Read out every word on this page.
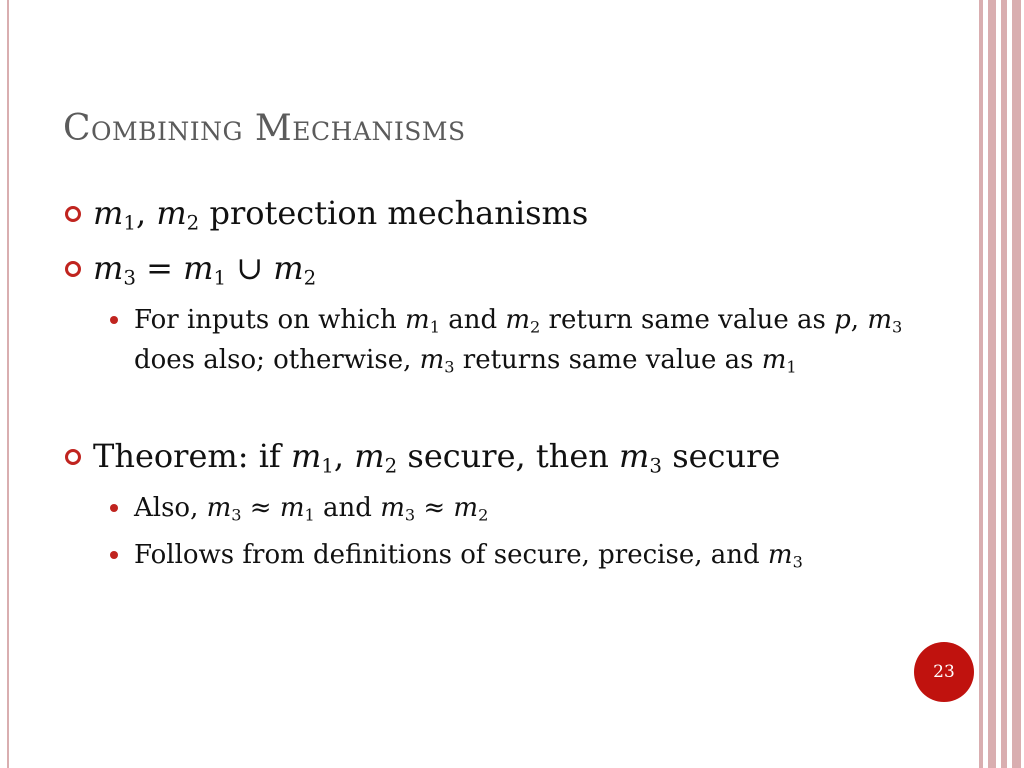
Combining Mechanisms
$m_1$, $m_2$ protection mechanisms
$m_3 = m_1$ ∪ $m_2$
For inputs on which $m_1$ and $m_2$ return same value as p, $m_3$ does also; otherwise, $m_3$ returns same value as $m_1$
Theorem: if $m_1$, $m_2$ secure, then $m_3$ secure
Also, $m_3 \approx m_1$ and $m_3 \approx m_2$
Follows from definitions of secure, precise, and $m_3$
23
